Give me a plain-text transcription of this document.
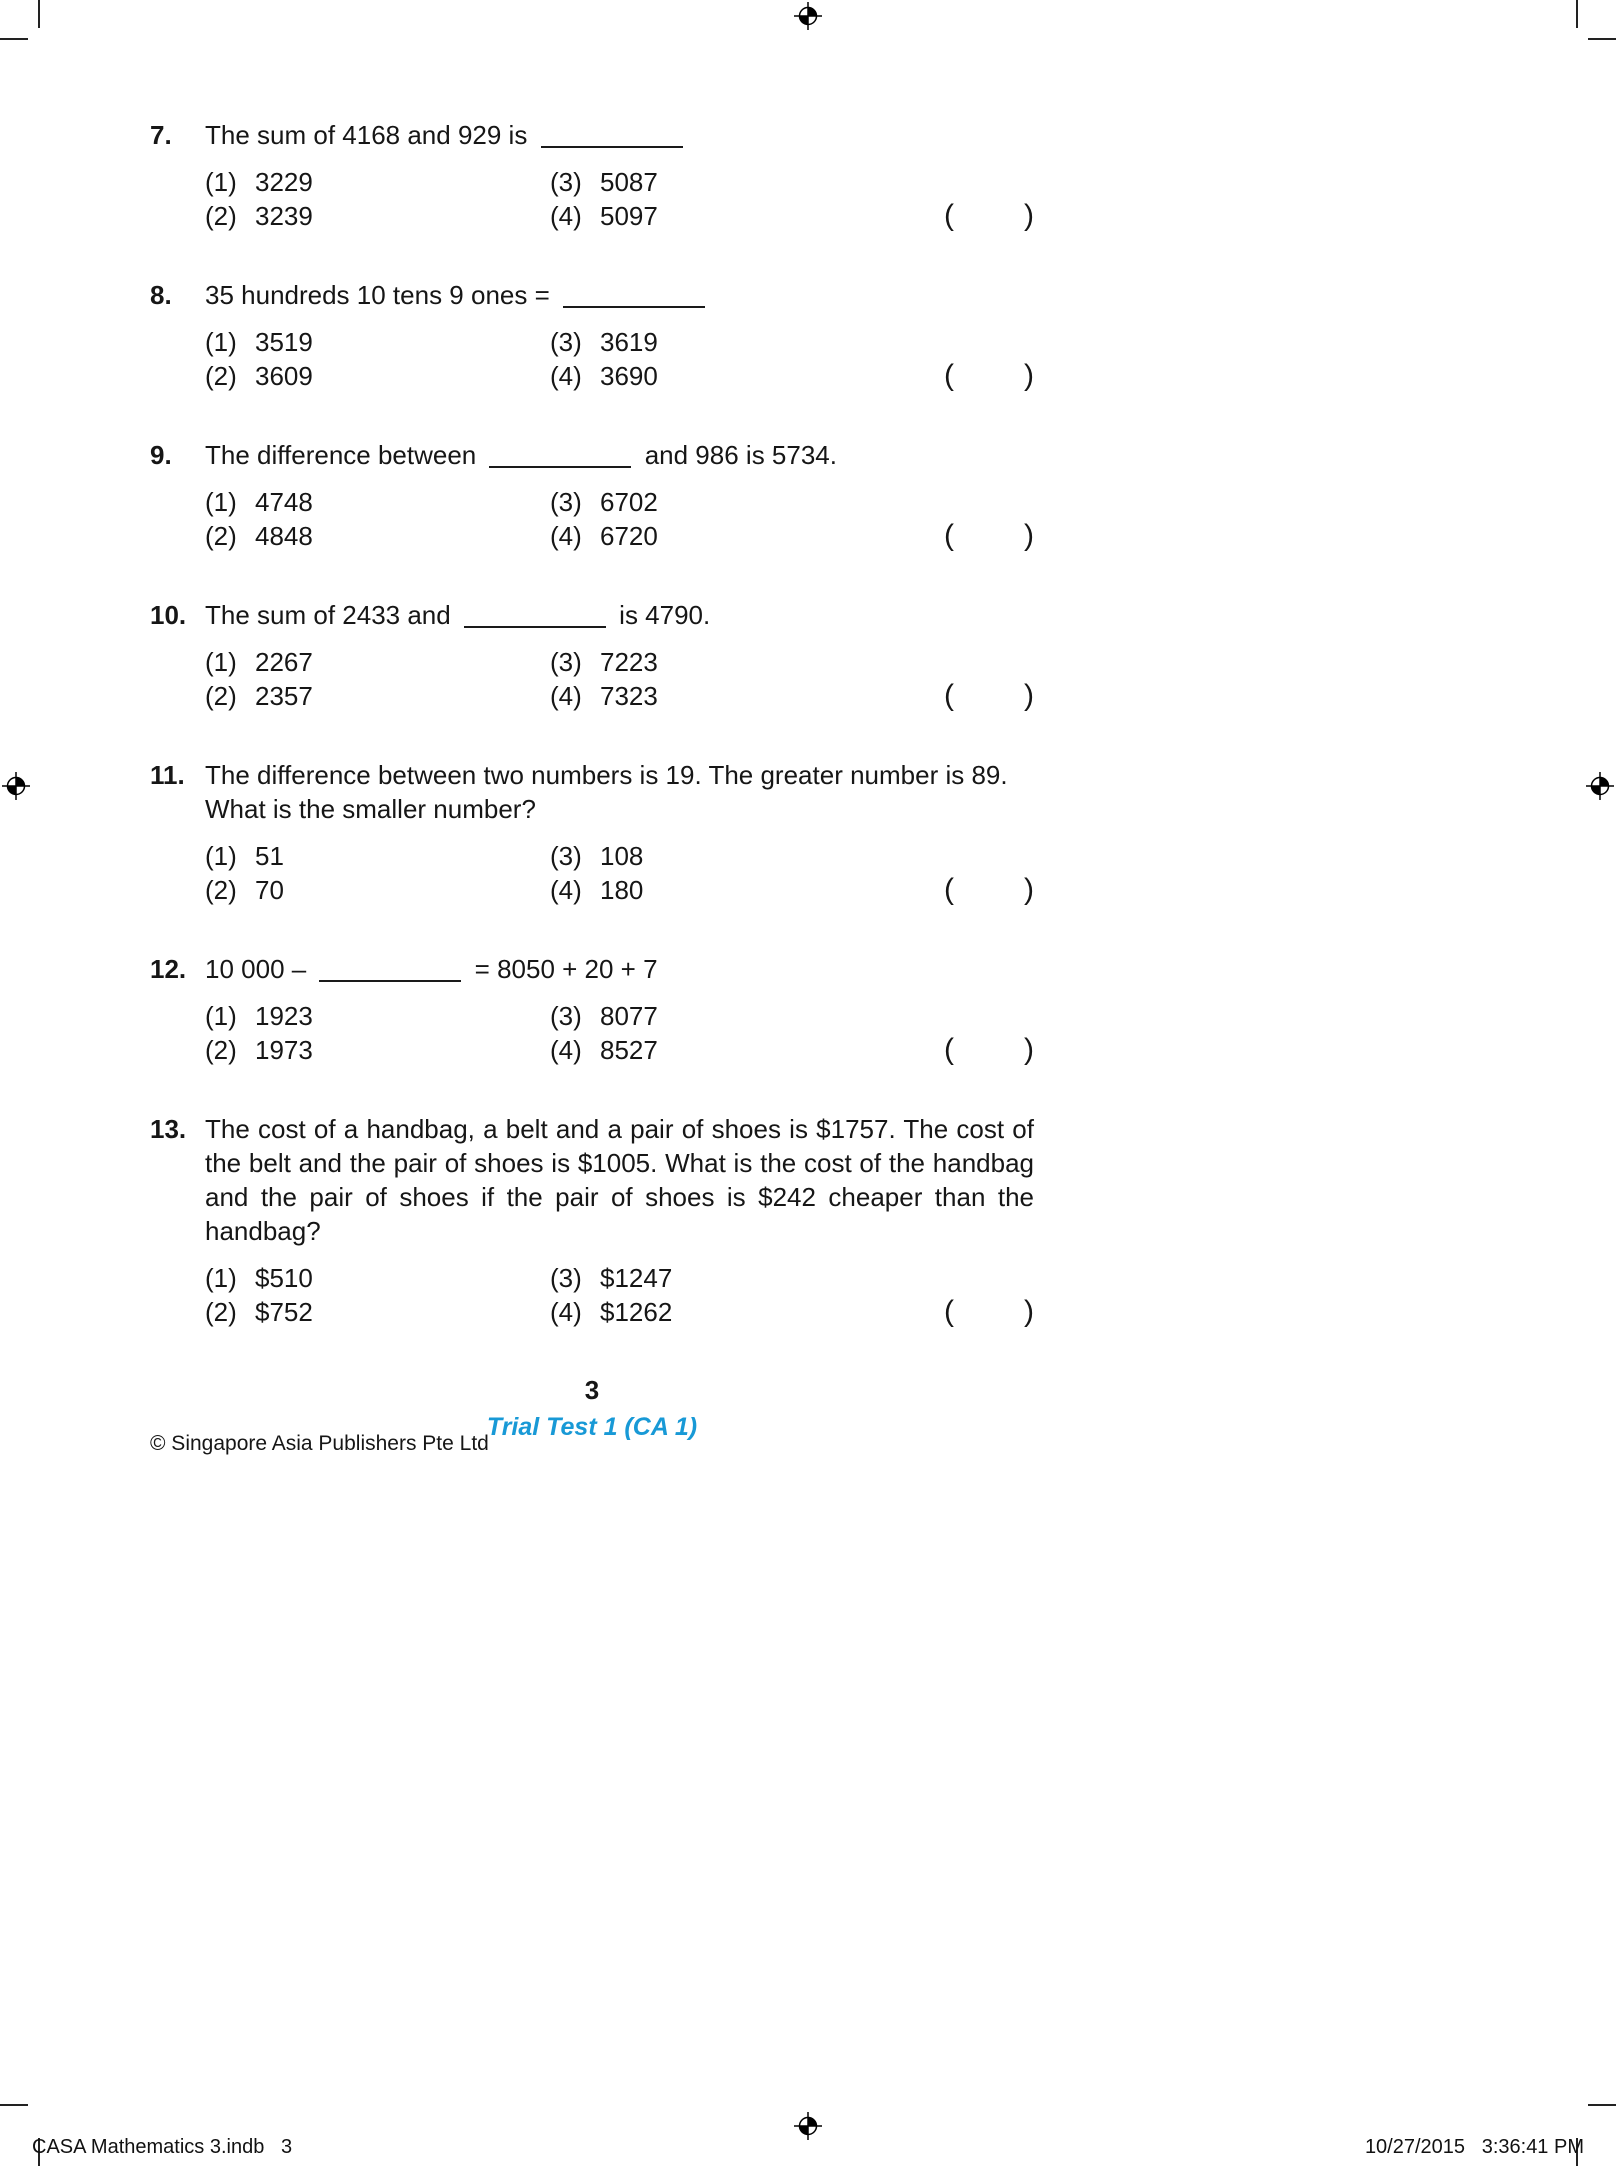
7.	The sum of 4168 and 929 is
(1) 3229	(3) 5087
(2) 3239	(4) 5097	( )
8.	35 hundreds 10 tens 9 ones =
(1) 3519	(3) 3619
(2) 3609	(4) 3690	( )
9.	The difference between	and 986 is 5734.
(1) 4748	(3) 6702
(2) 4848	(4) 6720	( )
10. The sum of 2433 and	is 4790.
(1) 2267	(3) 7223
(2) 2357	(4) 7323	( )
11. The difference between two numbers is 19. The greater number is 89.
What is the smaller number?
(1) 51	(3) 108
(2) 70	(4) 180	( )
12. 10 000 –	= 8050 + 20 + 7
(1) 1923	(3) 8077
(2) 1973	(4) 8527	( )
13. The cost of a handbag, a belt and a pair of shoes is $1757. The cost of the belt and the pair of shoes is $1005. What is the cost of the handbag and the pair of shoes if the pair of shoes is $242 cheaper than the handbag?
(1) $510	(3) $1247
(2) $752	(4) $1262	( )
3
Trial Test 1 (CA 1)
© Singapore Asia Publishers Pte Ltd
CASA Mathematics 3.indb   3	10/27/2015   3:36:41 PM
